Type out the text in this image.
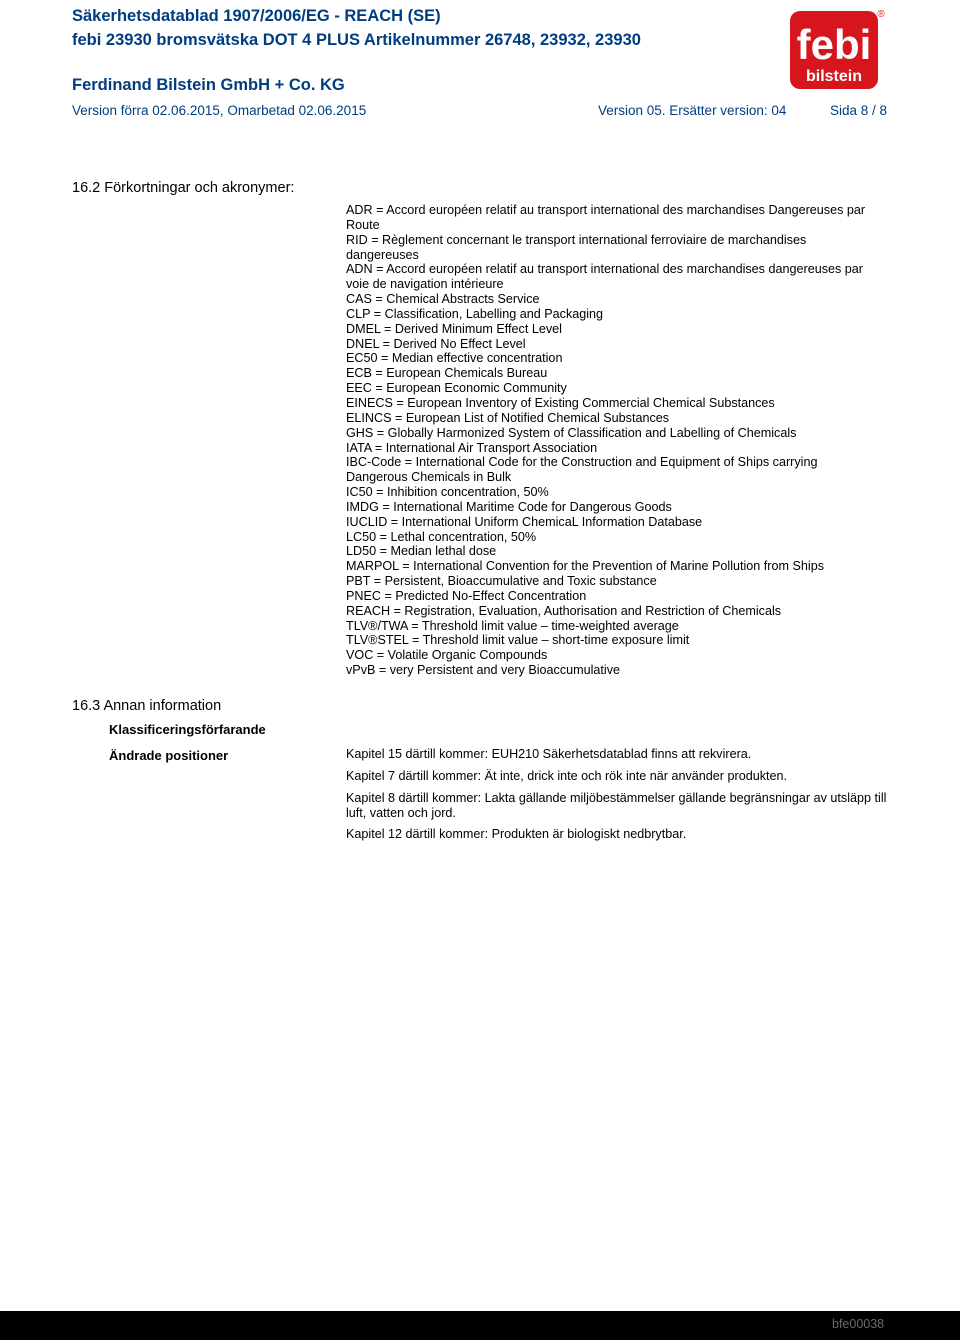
Säkerhetsdatablad 1907/2006/EG - REACH (SE)
febi 23930 bromsvätska DOT 4 PLUS Artikelnummer 26748, 23932, 23930
Ferdinand Bilstein GmbH + Co. KG
Version förra 02.06.2015, Omarbetad 02.06.2015	Version 05. Ersätter version: 04	Sida 8 / 8
febi
bilstein
®
16.2 Förkortningar och akronymer:
ADR = Accord européen relatif au transport international des marchandises Dangereuses par
Route
RID = Règlement concernant le transport international ferroviaire de marchandises
dangereuses
ADN = Accord européen relatif au transport international des marchandises dangereuses par
voie de navigation intérieure
CAS = Chemical Abstracts Service
CLP = Classification, Labelling and Packaging
DMEL = Derived Minimum Effect Level
DNEL = Derived No Effect Level
EC50 = Median effective concentration
ECB = European Chemicals Bureau
EEC = European Economic Community
EINECS = European Inventory of Existing Commercial Chemical Substances
ELINCS = European List of Notified Chemical Substances
GHS = Globally Harmonized System of Classification and Labelling of Chemicals
IATA = International Air Transport Association
IBC-Code = International Code for the Construction and Equipment of Ships carrying
Dangerous Chemicals in Bulk
IC50 = Inhibition concentration, 50%
IMDG = International Maritime Code for Dangerous Goods
IUCLID = International Uniform ChemicaL Information Database
LC50 = Lethal concentration, 50%
LD50 = Median lethal dose
MARPOL = International Convention for the Prevention of Marine Pollution from Ships
PBT = Persistent, Bioaccumulative and Toxic substance
PNEC = Predicted No-Effect Concentration
REACH = Registration, Evaluation, Authorisation and Restriction of Chemicals
TLV®/TWA = Threshold limit value – time-weighted average
TLV®STEL = Threshold limit value – short-time exposure limit
VOC = Volatile Organic Compounds
vPvB = very Persistent and very Bioaccumulative
16.3 Annan information
Klassificeringsförfarande
Ändrade positioner	Kapitel 15 därtill kommer: EUH210 Säkerhetsdatablad finns att rekvirera.

Kapitel 7 därtill kommer: Ät inte, drick inte och rök inte när använder produkten.

Kapitel 8 därtill kommer: Lakta gällande miljöbestämmelser gällande begränsningar av utsläpp till luft, vatten och jord.

Kapitel 12 därtill kommer: Produkten är biologiskt nedbrytbar.

bfe00038
